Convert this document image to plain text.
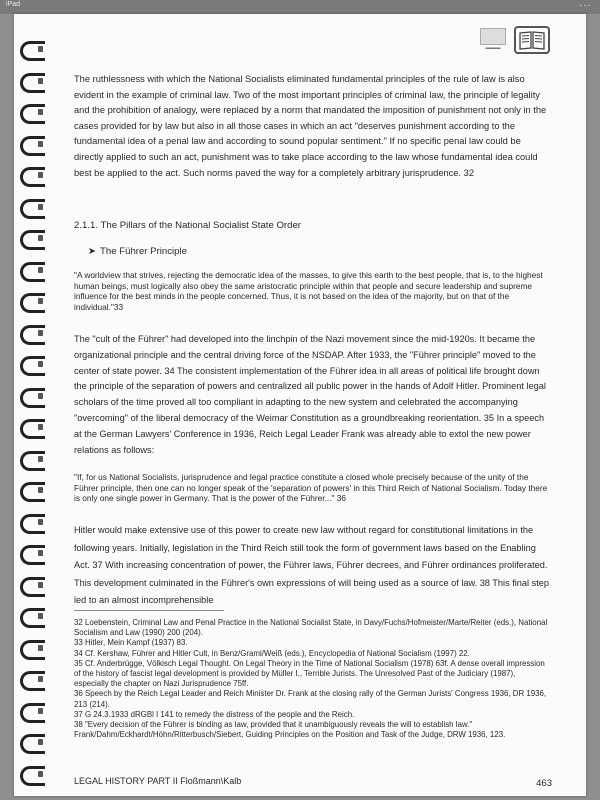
iPad	···
▬▬▬

The ruthlessness with which the National Socialists eliminated fundamental principles of the rule of law is also evident in the example of criminal law. Two of the most important principles of criminal law, the principle of legality and the prohibition of analogy, were replaced by a norm that mandated the imposition of punishment not only in the cases provided for by law but also in all those cases in which an act "deserves punishment according to the fundamental idea of a penal law and according to sound popular sentiment." If no specific penal law could be directly applied to such an act, punishment was to take place according to the law whose fundamental idea could best be applied to the act. Such norms paved the way for a completely arbitrary jurisprudence. 32

2.1.1. The Pillars of the National Socialist State Order
➤ The Führer Principle

"A worldview that strives, rejecting the democratic idea of the masses, to give this earth to the best people, that is, to the highest human beings, must logically also obey the same aristocratic principle within that people and secure leadership and supreme influence for the best minds in the people concerned. Thus, it is not based on the idea of the majority, but on that of the individual."33

The "cult of the Führer" had developed into the linchpin of the Nazi movement since the mid-1920s. It became the organizational principle and the central driving force of the NSDAP. After 1933, the "Führer principle" moved to the center of state power. 34 The consistent implementation of the Führer idea in all areas of political life brought down the principle of the separation of powers and centralized all public power in the hands of Adolf Hitler. Prominent legal scholars of the time proved all too compliant in adapting to the new system and celebrated the accompanying "overcoming" of the liberal democracy of the Weimar Constitution as a groundbreaking reorientation. 35 In a speech at the German Lawyers' Conference in 1936, Reich Legal Leader Frank was already able to extol the new power relations as follows:

"If, for us National Socialists, jurisprudence and legal practice constitute a closed whole precisely because of the unity of the Führer principle, then one can no longer speak of the 'separation of powers' in this Third Reich of National Socialism. Today there is only one single power in Germany. That is the power of the Führer..." 36

Hitler would make extensive use of this power to create new law without regard for constitutional limitations in the following years. Initially, legislation in the Third Reich still took the form of government laws based on the Enabling Act. 37 With increasing concentration of power, the Führer laws, Führer decrees, and Führer ordinances proliferated. This development culminated in the Führer's own expressions of will being used as a source of law. 38 This final step led to an almost incomprehensible

32 Loebenstein, Criminal Law and Penal Practice in the National Socialist State, in Davy/Fuchs/Hofmeister/Marte/Reiter (eds.), National Socialism and Law (1990) 200 (204).
33 Hitler, Mein Kampf (1937) 83.
34 Cf. Kershaw, Führer and Hitler Cult, in Benz/Graml/Weiß (eds.), Encyclopedia of National Socialism (1997) 22.
35 Cf. Anderbrügge, Völkisch Legal Thought. On Legal Theory in the Time of National Socialism (1978) 63f. A dense overall impression of the history of fascist legal development is provided by Müller I., Terrible Jurists. The Unresolved Past of the Judiciary (1987), especially the chapter on Nazi Jurisprudence 75ff.
36 Speech by the Reich Legal Leader and Reich Minister Dr. Frank at the closing rally of the German Jurists' Congress 1936, DR 1936, 213 (214).
37 G 24.3.1933 dRGBl I 141 to remedy the distress of the people and the Reich.
38 "Every decision of the Führer is binding as law, provided that it unambiguously reveals the will to establish law." Frank/Dahm/Eckhardt/Höhn/Ritterbusch/Siebert, Guiding Principles on the Position and Task of the Judge, DRW 1936, 123.
LEGAL HISTORY PART II Floßmann\Kalb	463
